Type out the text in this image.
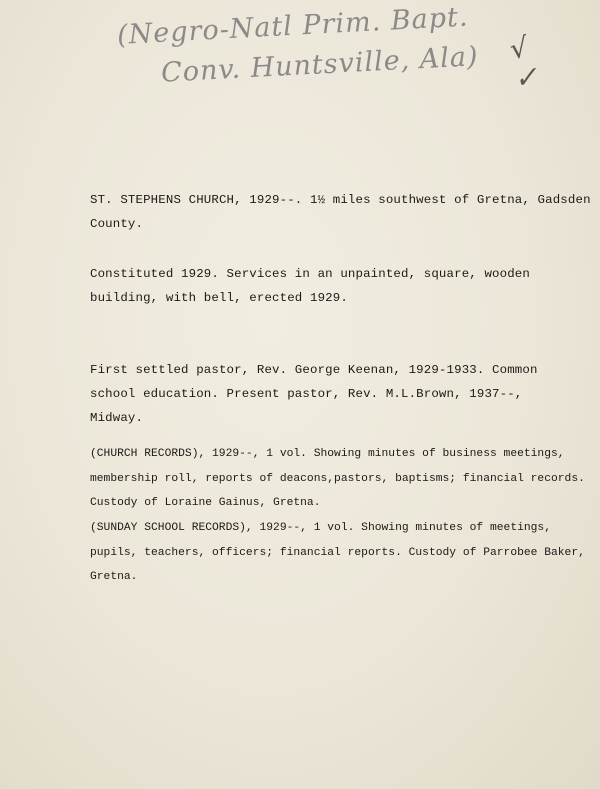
(Negro-Natl Prim. Bapt.
Conv. Huntsville, Ala)	√ ✓

ST. STEPHENS CHURCH, 1929--. 1½ miles southwest of Gretna, Gadsden
County.

Constituted 1929. Services in an unpainted, square, wooden
building, with bell, erected 1929.

First settled pastor, Rev. George Keenan, 1929-1933. Common
school education. Present pastor, Rev. M.L.Brown, 1937--,
Midway.

(CHURCH RECORDS), 1929--, 1 vol. Showing minutes of business meetings,
membership roll, reports of deacons,pastors, baptisms; financial records.
Custody of Loraine Gainus, Gretna.

(SUNDAY SCHOOL RECORDS), 1929--, 1 vol. Showing minutes of meetings,
pupils, teachers, officers; financial reports. Custody of Parrobee Baker,
Gretna.
